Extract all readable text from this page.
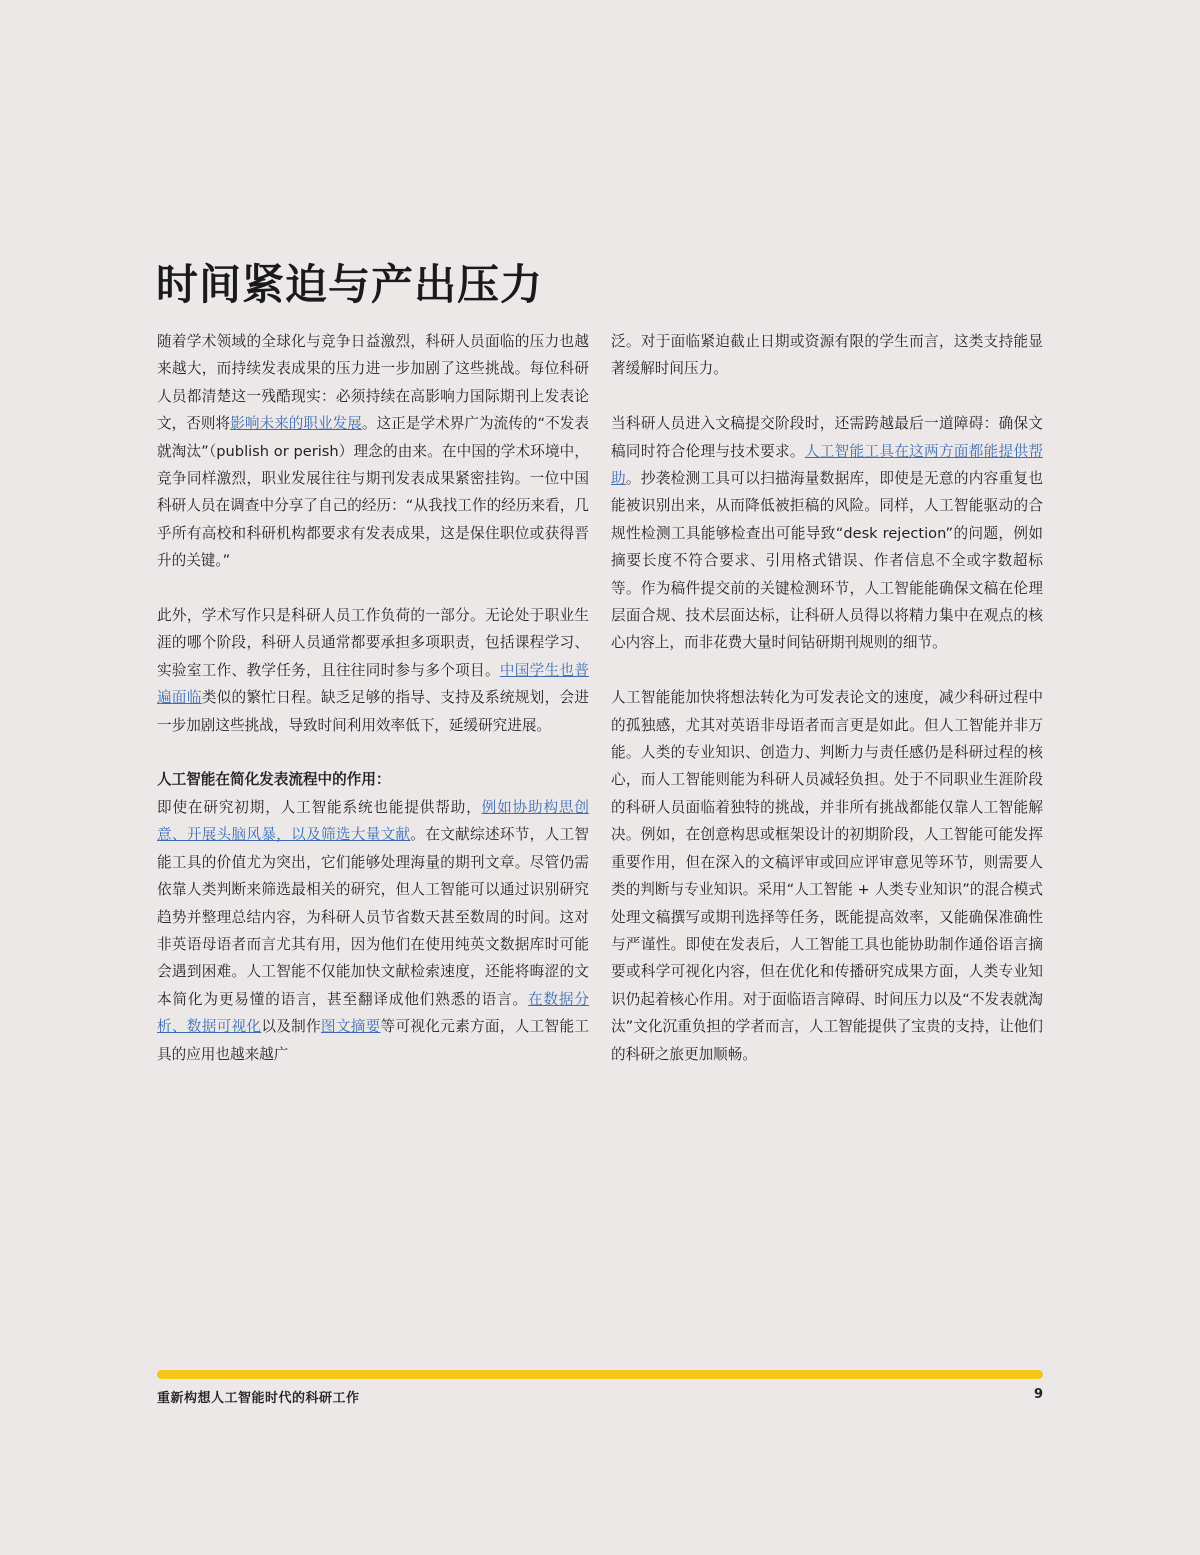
时间紧迫与产出压力

随着学术领域的全球化与竞争日益激烈，科研人员面临的压力也越来越大，而持续发表成果的压力进一步加剧了这些挑战。每位科研人员都清楚这一残酷现实：必须持续在高影响力国际期刊上发表论文，否则将影响未来的职业发展。这正是学术界广为流传的“不发表就淘汰”（publish or perish）理念的由来。在中国的学术环境中，竞争同样激烈，职业发展往往与期刊发表成果紧密挂钩。一位中国科研人员在调查中分享了自己的经历：“从我找工作的经历来看，几乎所有高校和科研机构都要求有发表成果，这是保住职位或获得晋升的关键。”

此外，学术写作只是科研人员工作负荷的一部分。无论处于职业生涯的哪个阶段，科研人员通常都要承担多项职责，包括课程学习、实验室工作、教学任务，且往往同时参与多个项目。中国学生也普遍面临类似的繁忙日程。缺乏足够的指导、支持及系统规划，会进一步加剧这些挑战，导致时间利用效率低下，延缓研究进展。

人工智能在简化发表流程中的作用：

即使在研究初期，人工智能系统也能提供帮助，例如协助构思创意、开展头脑风暴，以及筛选大量文献。在文献综述环节，人工智能工具的价值尤为突出，它们能够处理海量的期刊文章。尽管仍需依靠人类判断来筛选最相关的研究，但人工智能可以通过识别研究趋势并整理总结内容，为科研人员节省数天甚至数周的时间。这对非英语母语者而言尤其有用，因为他们在使用纯英文数据库时可能会遇到困难。人工智能不仅能加快文献检索速度，还能将晦涩的文本简化为更易懂的语言，甚至翻译成他们熟悉的语言。在数据分析、数据可视化以及制作图文摘要等可视化元素方面，人工智能工具的应用也越来越广

泛。对于面临紧迫截止日期或资源有限的学生而言，这类支持能显著缓解时间压力。

当科研人员进入文稿提交阶段时，还需跨越最后一道障碍：确保文稿同时符合伦理与技术要求。人工智能工具在这两方面都能提供帮助。抄袭检测工具可以扫描海量数据库，即使是无意的内容重复也能被识别出来，从而降低被拒稿的风险。同样，人工智能驱动的合规性检测工具能够检查出可能导致“desk rejection”的问题，例如摘要长度不符合要求、引用格式错误、作者信息不全或字数超标等。作为稿件提交前的关键检测环节，人工智能能确保文稿在伦理层面合规、技术层面达标，让科研人员得以将精力集中在观点的核心内容上，而非花费大量时间钻研期刊规则的细节。

人工智能能加快将想法转化为可发表论文的速度，减少科研过程中的孤独感，尤其对英语非母语者而言更是如此。但人工智能并非万能。人类的专业知识、创造力、判断力与责任感仍是科研过程的核心，而人工智能则能为科研人员减轻负担。处于不同职业生涯阶段的科研人员面临着独特的挑战，并非所有挑战都能仅靠人工智能解决。例如，在创意构思或框架设计的初期阶段，人工智能可能发挥重要作用，但在深入的文稿评审或回应评审意见等环节，则需要人类的判断与专业知识。采用“人工智能 + 人类专业知识”的混合模式处理文稿撰写或期刊选择等任务，既能提高效率，又能确保准确性与严谨性。即使在发表后，人工智能工具也能协助制作通俗语言摘要或科学可视化内容，但在优化和传播研究成果方面，人类专业知识仍起着核心作用。对于面临语言障碍、时间压力以及“不发表就淘汰”文化沉重负担的学者而言，人工智能提供了宝贵的支持，让他们的科研之旅更加顺畅。

重新构想人工智能时代的科研工作	9
